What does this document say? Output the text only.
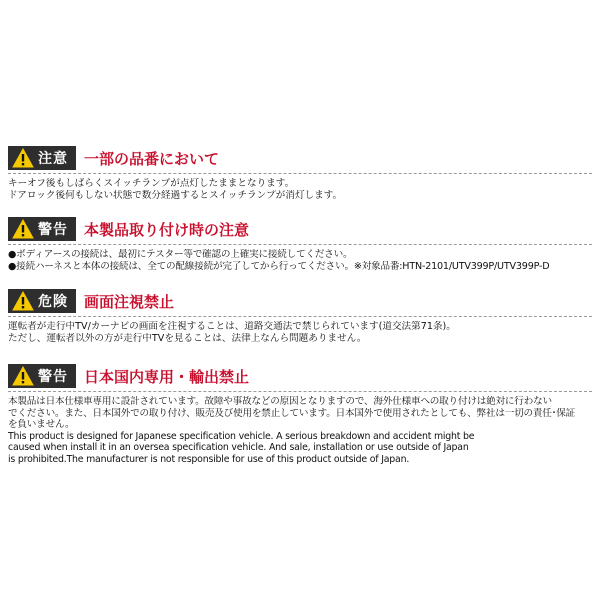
注意 一部の品番において
キーオフ後もしばらくスイッチランプが点灯したままとなります。
ドアロック後何もしない状態で数分経過するとスイッチランプが消灯します。
警告 本製品取り付け時の注意
●ボディアースの接続は、最初にテスター等で確認の上確実に接続してください。
●接続ハーネスと本体の接続は、全ての配線接続が完了してから行ってください。※対象品番:HTN-2101/UTV399P/UTV399P-D
危険 画面注視禁止
運転者が走行中TV/カーナビの画面を注視することは、道路交通法で禁じられています(道交法第71条)。
ただし、運転者以外の方が走行中TVを見ることは、法律上なんら問題ありません。
警告 日本国内専用・輸出禁止
本製品は日本仕様車専用に設計されています。故障や事故などの原因となりますので、海外仕様車への取り付けは絶対に行わない
でください。また、日本国外での取り付け、販売及び使用を禁止しています。日本国外で使用されたとしても、弊社は一切の責任･保証
を負いません。
This product is designed for Japanese specification vehicle. A serious breakdown and accident might be
caused when install it in an oversea specification vehicle. And sale, installation or use outside of Japan
is prohibited.The manufacturer is not responsible for use of this product outside of Japan.
